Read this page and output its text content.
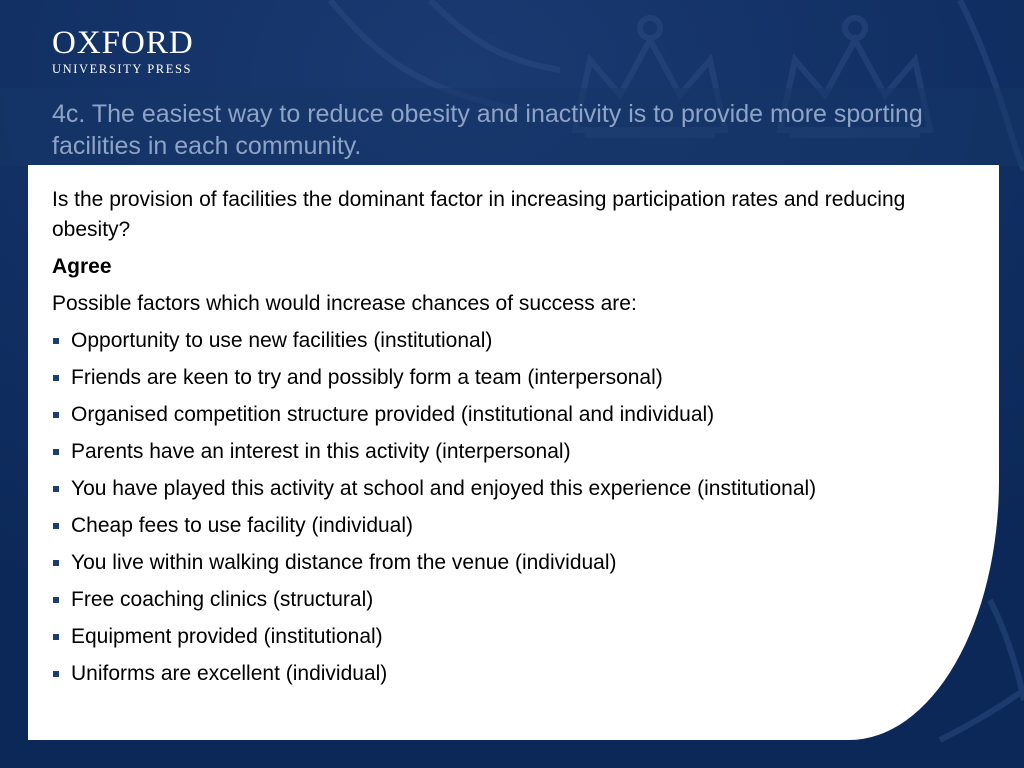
OXFORD
UNIVERSITY PRESS
4c. The easiest way to reduce obesity and inactivity is to provide more sporting facilities in each community.

Is the provision of facilities the dominant factor in increasing participation rates and reducing obesity?

Agree

Possible factors which would increase chances of success are:

Opportunity to use new facilities (institutional)
Friends are keen to try and possibly form a team (interpersonal)
Organised competition structure provided (institutional and individual)
Parents have an interest in this activity (interpersonal)
You have played this activity at school and enjoyed this experience (institutional)
Cheap fees to use facility (individual)
You live within walking distance from the venue (individual)
Free coaching clinics (structural)
Equipment provided (institutional)
Uniforms are excellent (individual)
